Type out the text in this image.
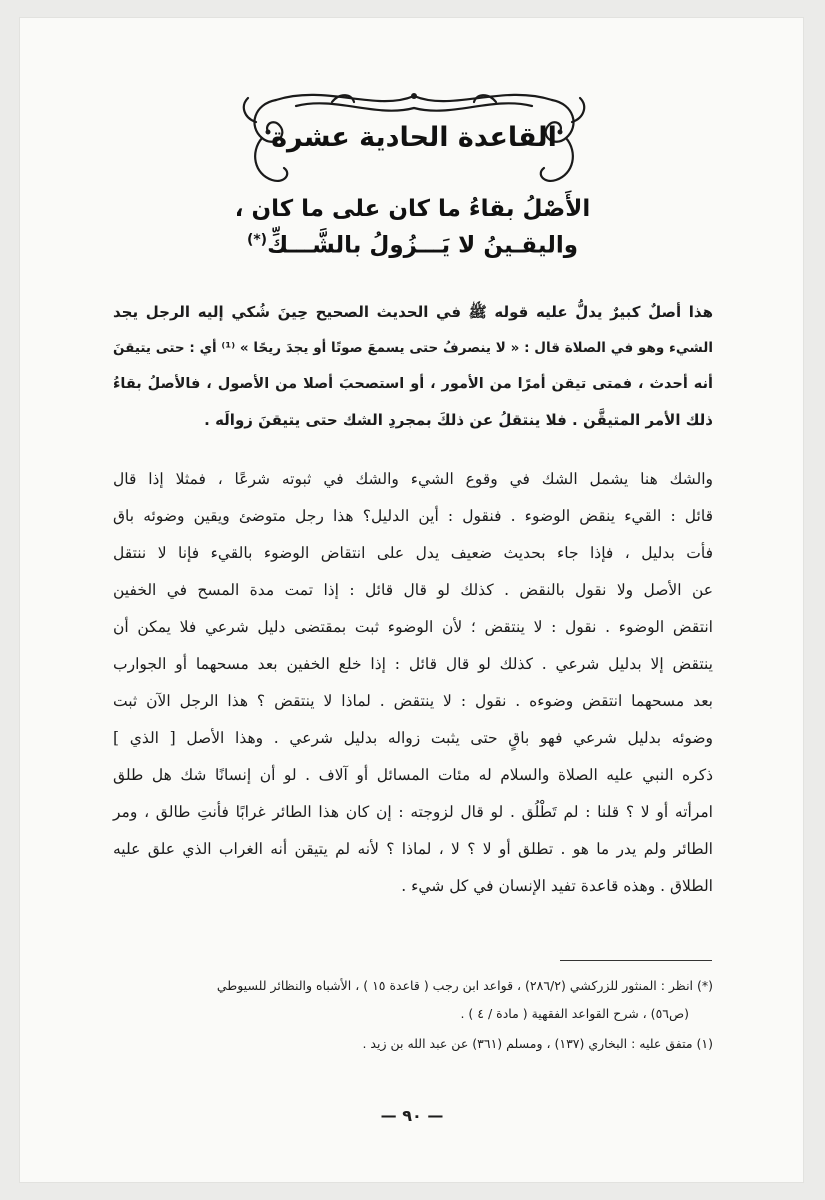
القاعدة الحادية عشرة
الأَصْلُ بقاءُ ما كان على ما كان ،
واليقـينُ لا يَـــزُولُ بالشَّـــكِّ(*)
هذا أصلٌ كبيرٌ يدلُّ عليه قوله ﷺ في الحديث الصحيح حِينَ شُكي إليه الرجل يجد
الشيء وهو في الصلاة قال : « لا ينصرفُ حتى يسمعَ صوتًا أو يجدَ ريحًا » ⁽¹⁾ أي : حتى يتيقنَ
أنه أحدث ، فمتى تيقن أمرًا من الأمور ، أو استصحبَ أصلا من الأصول ، فالأصلُ بقاءُ
ذلك الأمر المتيقَّن . فلا ينتقلُ عن ذلكَ بمجردِ الشك حتى يتيقنَ زوالَه .
والشك هنا يشمل الشك في وقوع الشيء والشك في ثبوته شرعًا ، فمثلا إذا قال
قائل : القيء ينقض الوضوء . فنقول : أين الدليل؟ هذا رجل متوضئ ويقين وضوئه باق
فأت بدليل ، فإذا جاء بحديث ضعيف يدل على انتقاض الوضوء بالقيء فإنا لا ننتقل
عن الأصل ولا نقول بالنقض . كذلك لو قال قائل : إذا تمت مدة المسح في الخفين
انتقض الوضوء . نقول : لا ينتقض ؛ لأن الوضوء ثبت بمقتضى دليل شرعي فلا يمكن أن
ينتقض إلا بدليل شرعي . كذلك لو قال قائل : إذا خلع الخفين بعد مسحهما أو الجوارب
بعد مسحهما انتقض وضوءه . نقول : لا ينتقض . لماذا لا ينتقض ؟ هذا الرجل الآن ثبت
وضوئه بدليل شرعي فهو باقٍ حتى يثبت زواله بدليل شرعي . وهذا الأصل [ الذي ]
ذكره النبي عليه الصلاة والسلام له مئات المسائل أو آلاف . لو أن إنسانًا شك هل طلق
امرأته أو لا ؟ قلنا : لم تَطْلُق . لو قال لزوجته : إن كان هذا الطائر غرابًا فأنتِ طالق ، ومر
الطائر ولم يدر ما هو . تطلق أو لا ؟ لا ، لماذا ؟ لأنه لم يتيقن أنه الغراب الذي علق عليه
الطلاق . وهذه قاعدة تفيد الإنسان في كل شيء .
(*) انظر : المنثور للزركشي (٢٨٦/٢) ، قواعد ابن رجب ( قاعدة ١٥ ) ، الأشباه والنظائر للسيوطي
(ص٥٦) ، شرح القواعد الفقهية ( مادة / ٤ ) .
(١) متفق عليه : البخاري (١٣٧) ، ومسلم (٣٦١) عن عبد الله بن زيد .
— ٩٠ —
